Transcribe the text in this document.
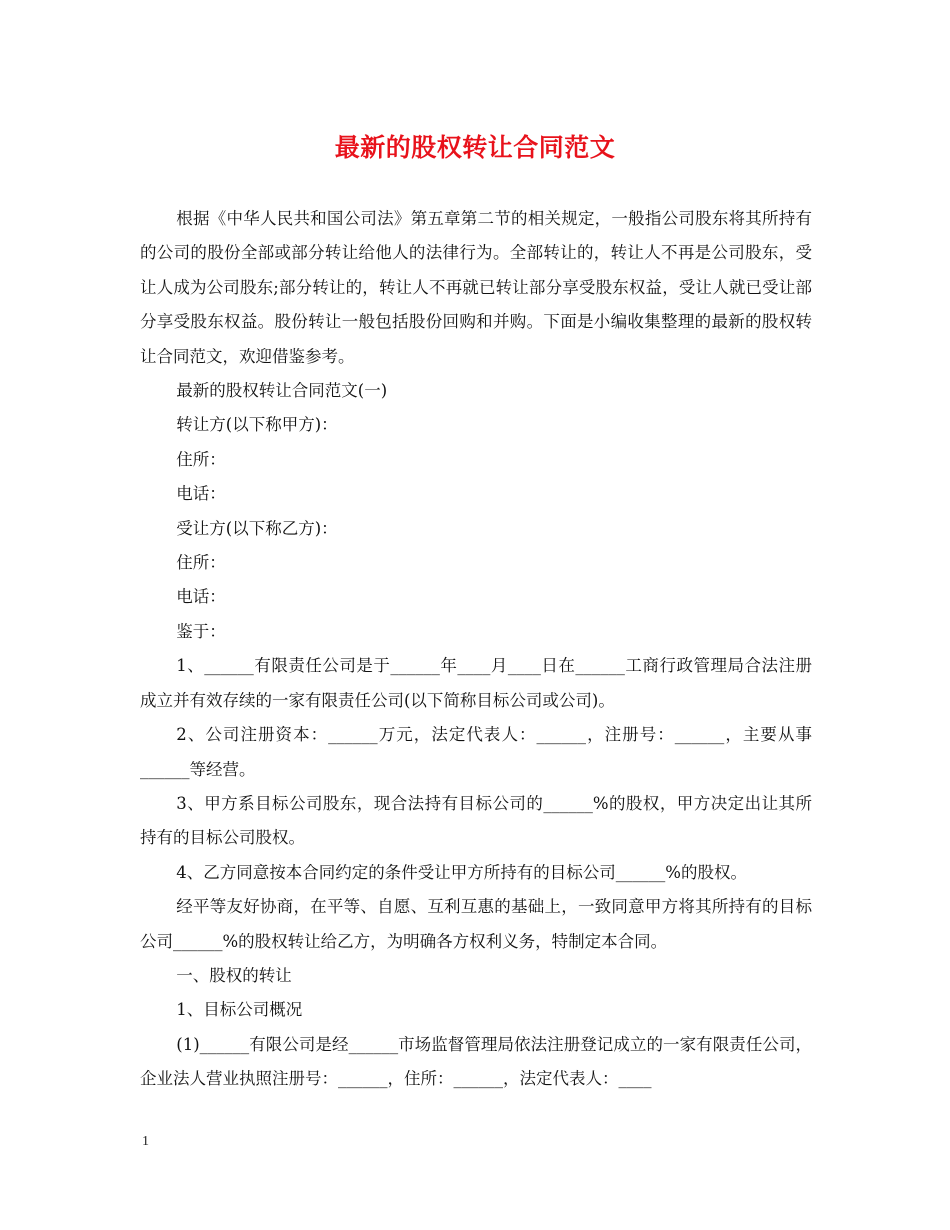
最新的股权转让合同范文

根据《中华人民共和国公司法》第五章第二节的相关规定，一般指公司股东将其所持有的公司的股份全部或部分转让给他人的法律行为。全部转让的，转让人不再是公司股东，受让人成为公司股东;部分转让的，转让人不再就已转让部分享受股东权益，受让人就已受让部分享受股东权益。股份转让一般包括股份回购和并购。下面是小编收集整理的最新的股权转让合同范文，欢迎借鉴参考。

最新的股权转让合同范文(一)

转让方(以下称甲方)：

住所：

电话：

受让方(以下称乙方)：

住所：

电话：

鉴于：

1、______有限责任公司是于______年____月____日在______工商行政管理局合法注册成立并有效存续的一家有限责任公司(以下简称目标公司或公司)。

2、公司注册资本：______万元，法定代表人：______，注册号：______，主要从事______等经营。

3、甲方系目标公司股东，现合法持有目标公司的______%的股权，甲方决定出让其所持有的目标公司股权。

4、乙方同意按本合同约定的条件受让甲方所持有的目标公司______%的股权。

经平等友好协商，在平等、自愿、互利互惠的基础上，一致同意甲方将其所持有的目标公司______%的股权转让给乙方，为明确各方权利义务，特制定本合同。

一、股权的转让

1、目标公司概况

(1)______有限公司是经______市场监督管理局依法注册登记成立的一家有限责任公司，企业法人营业执照注册号：______，住所：______，法定代表人：____

1
